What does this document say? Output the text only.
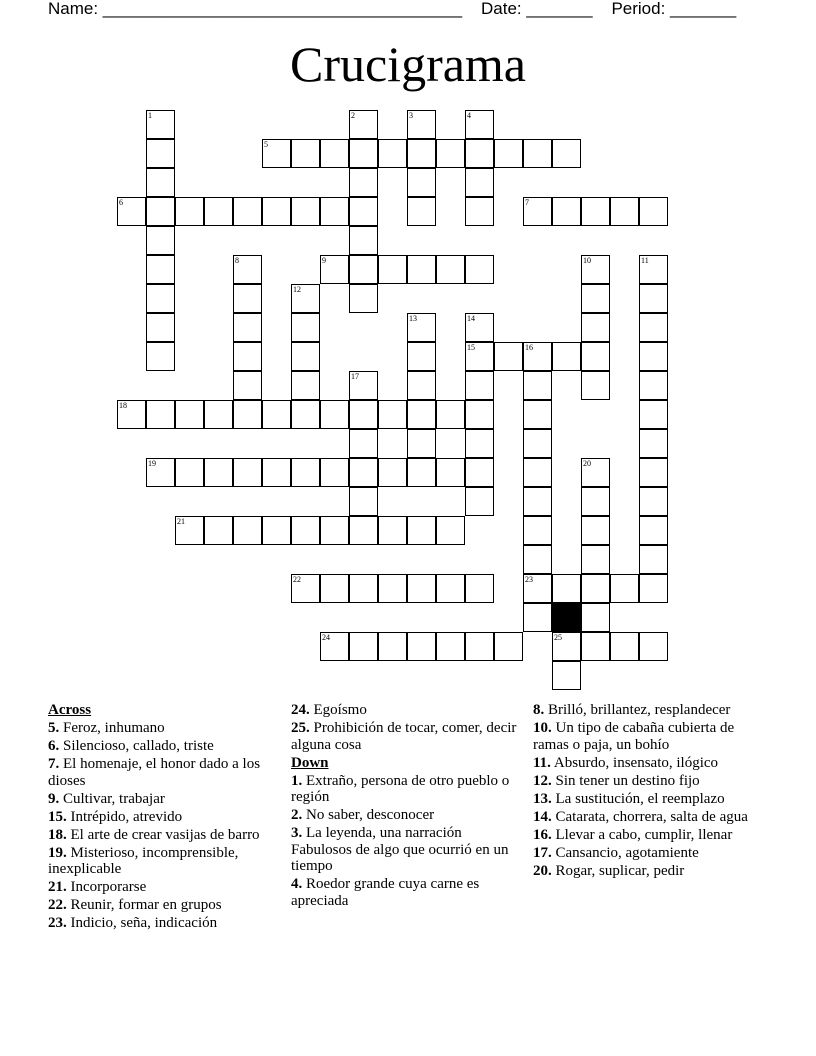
Name: ______________________________________ Date: _______ Period: _______
Crucigrama
5
6	7
9
15	16
18
19
21
22	23
24	25
1	2	3	4
8	10	11
12
13	14
17
20
Across
5. Feroz, inhumano
6. Silencioso, callado, triste
7. El homenaje, el honor dado a los dioses
9. Cultivar, trabajar
15. Intrépido, atrevido
18. El arte de crear vasijas de barro
19. Misterioso, incomprensible, inexplicable
21. Incorporarse
22. Reunir, formar en grupos
23. Indicio, seña, indicación
24. Egoísmo
25. Prohibición de tocar, comer, decir alguna cosa
Down
1. Extraño, persona de otro pueblo o región
2. No saber, desconocer
3. La leyenda, una narración Fabulosos de algo que ocurrió en un tiempo
4. Roedor grande cuya carne es apreciada
8. Brilló, brillantez, resplandecer
10. Un tipo de cabaña cubierta de ramas o paja, un bohío
11. Absurdo, insensato, ilógico
12. Sin tener un destino fijo
13. La sustitución, el reemplazo
14. Catarata, chorrera, salta de agua
16. Llevar a cabo, cumplir, llenar
17. Cansancio, agotamiente
20. Rogar, suplicar, pedir
